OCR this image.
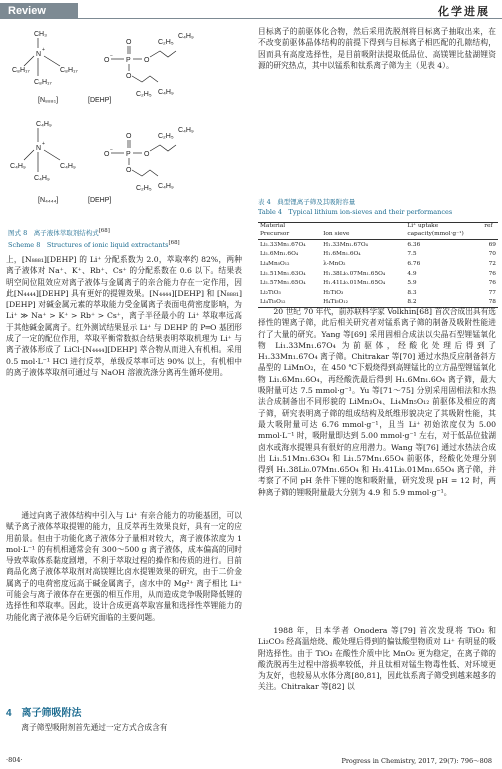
Review	化学进展
CH₃
N
+
C₈H₁₇	C₈H₁₇
C₈H₁₇
O
−
P
O
O
O
C₄H₉
C₂H₅
C₄H₉
C₂H₅
[N₈₈₈₁]	[DEHP]
C₄H₉
N
+
C₄H₉	C₄H₉
C₄H₉
O
−
P
O
O
O
C₄H₉
C₂H₅
C₄H₉
C₂H₅
[N₄₄₄₄]	[DEHP]
图式 8　离子液体萃取剂结构式[68]
Scheme 8　Structures of ionic liquid extractants[68]

上，[N₈₈₈₁][DEHP] 的 Li⁺ 分配系数为 2.0，萃取率约 82%，两种离子液体对 Na⁺、K⁺、Rb⁺、Cs⁺ 的分配系数在 0.6 以下。结果表明空间位阻效应对离子液体与金属离子的亲合能力存在一定作用，因此[N₄₄₄₄][DEHP] 具有更好的提锂效果。[N₄₄₄₄][DEHP] 和 [N₈₈₈₁][DEHP] 对碱金属元素的萃取能力受金属离子表面电荷密度影响，为 Li⁺ ≫ Na⁺ > K⁺ > Rb⁺ > Cs⁺，离子半径最小的 Li⁺ 萃取率远高于其他碱金属离子。红外测试结果显示 Li⁺ 与 DEHP 的 P═O 基团形成了一定的配位作用，萃取平衡常数拟合结果表明萃取机理为 Li⁺ 与离子液体形成了 LiCl·[N₄₄₄₄][DEHP] 萃合物从而进入有机相。采用 0.5 mol·L⁻¹ HCl 进行反萃，单级反萃率可达 90% 以上，有机相中的离子液体萃取剂可通过与 NaOH 溶液洗涤分离再生循环使用。

通过向离子液体结构中引入与 Li⁺ 有亲合能力的功能基团，可以赋予离子液体萃取提锂的能力，且反萃再生效果良好，具有一定的应用前景。但由于功能化离子液体分子量相对较大，离子液体浓度为 1 mol·L⁻¹ 的有机相通常会有 300～500 g 离子液体，成本偏高的同时导致萃取体系黏度剧增，不利于萃取过程的操作和传质的进行。目前商品化离子液体萃取剂对高镁锂比卤水提锂效果的研究，由于二价金属离子的电荷密度远高于碱金属离子，卤水中的 Mg²⁺ 离子相比 Li⁺ 可能会与离子液体存在更强的相互作用，从而造成竞争吸附降低锂的选择性和萃取率。因此，设计合成更高萃取容量和选择性萃锂能力的功能化离子液体是今后研究面临的主要问题。

4　离子筛吸附法

离子筛型吸附剂首先通过一定方式合成含有

目标离子的前驱体化合物，然后采用洗脱剂将目标离子抽取出来，在不改变前驱体晶体结构的前提下得到与目标离子相匹配的孔隙结构，因而具有高度选择性，是目前吸附法提取低品位、高镁锂比盐湖锂资源的研究热点，其中以锰系和钛系离子筛为主（见表 4）。

表 4　典型锂离子筛及其吸附容量
Table 4　Typical lithium ion-sieves and their performances
Material		Li⁺ uptake	ref
Precursor	Ion sieve	capacity(mmol·g⁻¹)	
Li₁.33Mn₁.67O₄	H₁.33Mn₁.67O₄	6.36	69
Li₁.6Mn₁.6O₄	H₁.6Mn₁.6O₄	7.5	70
Li₄Mn₅O₁₂	λ-MnO₂	6.76	72
Li₁.51Mn₁.63O₄	H₁.38Li₀.07Mn₁.65O₄	4.9	76
Li₁.57Mn₁.65O₄	H₁.41Li₀.01Mn₁.65O₄	5.9	76
Li₂TiO₃	H₂TiO₃	8.3	77
Li₄Ti₅O₁₂	H₄Ti₅O₁₂	8.2	78

20 世纪 70 年代，前苏联科学家 Volkhin[68] 首次合成出具有选择性的锂离子筛，此后相关研究者对锰系离子筛的制备及吸附性能进行了大量的研究。Yang 等[69] 采用固相合成法以尖晶石型锂锰氧化物 Li₁.33Mn₁.67O₄ 为前驱体，经酸化处理后得到了 H₁.33Mn₁.67O₄ 离子筛。Chitrakar 等[70] 通过水热反应制备斜方晶型的 LiMnO₂，在 450 ℃下煅烧得到高锂锰比的立方晶型锂锰氧化物 Li₁.6Mn₁.6O₄，再经酸洗最后得到 H₁.6Mn₁.6O₄ 离子筛，最大吸附量可达 7.5 mmol·g⁻¹。Yu 等[71～75] 分别采用固相法和水热法合成制备出不同形貌的 LiMn₂O₄、Li₄Mn₅O₁₂ 前驱体及相应的离子筛，研究表明离子筛的组成结构及纸维形貌决定了其吸附性能，其最大吸附量可达 6.76 mmol·g⁻¹，且当 Li⁺ 初始浓度仅为 5.00 mmol·L⁻¹ 时，吸附量即达到 5.00 mmol·g⁻¹ 左右，对于低品位盐湖卤水或海水提锂具有很好的应用潜力。Wang 等[76] 通过水热法合成出 Li₁.51Mn₁.63O₄ 和 Li₁.57Mn₁.65O₄ 前驱体，经酸化处理分别得到 H₁.38Li₀.07Mn₁.65O₄ 和 H₁.41Li₀.01Mn₁.65O₄ 离子筛，并考察了不同 pH 条件下锂的饱和吸附量，研究发现 pH = 12 时，两种离子筛的锂吸附量最大分别为 4.9 和 5.9 mmol·g⁻¹。

1988 年，日本学者 Onodera 等[79] 首次发现将 TiO₂ 和 Li₂CO₃ 经高温焙烧、酸处理后得到的偏钛酸型物质对 Li⁺ 有明显的吸附选择性。由于 TiO₂ 在酸性介质中比 MnO₂ 更为稳定，在离子筛的酸洗脱再生过程中溶损率较低，并且钛相对锰生物毒性低、对环境更为友好，也较易从水体分离[80,81]，因此钛系离子筛受到越来越多的关注。Chitrakar 等[82] 以

·804·	Progress in Chemistry, 2017, 29(7): 796～808
